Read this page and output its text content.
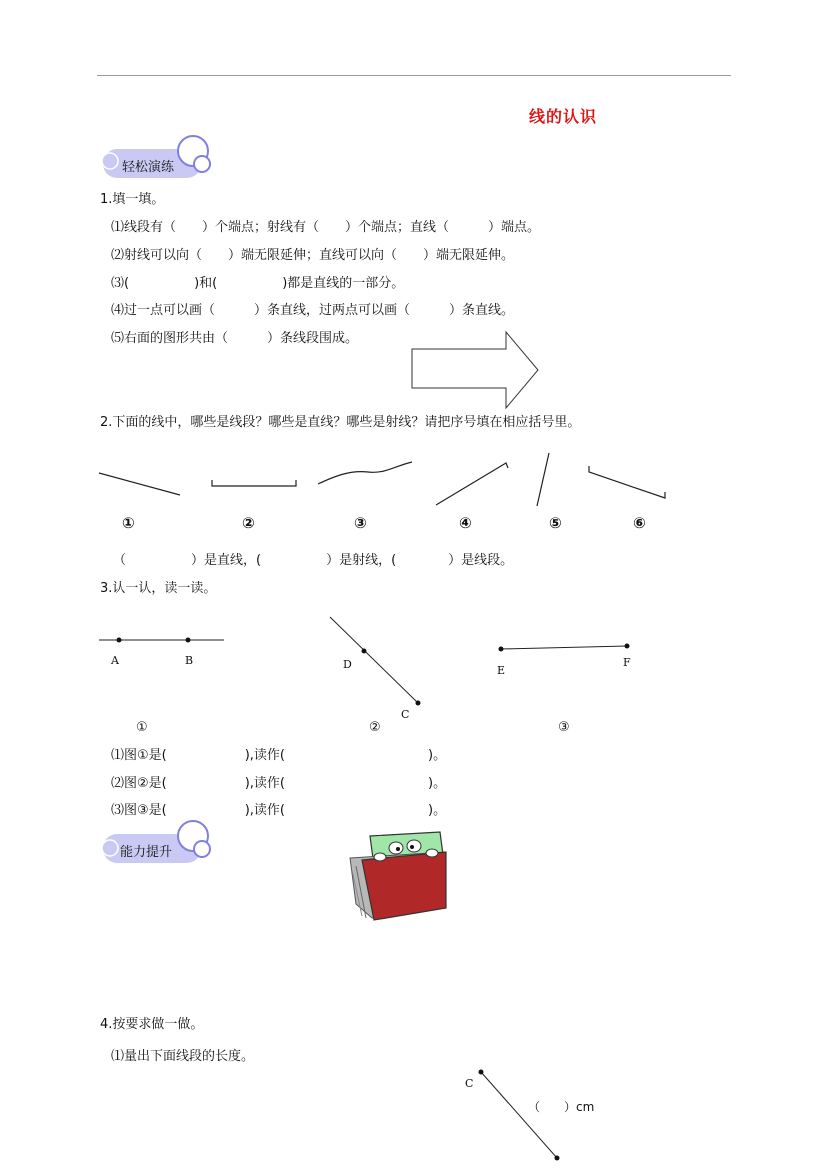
线的认识
轻松演练
能力提升
1.填一填。
⑴线段有（　　）个端点；射线有（　　）个端点；直线（　　　）端点。
⑵射线可以向（　　）端无限延伸；直线可以向（　　）端无限延伸。
⑶(　　　　　)和(　　　　　)都是直线的一部分。
⑷过一点可以画（　　　）条直线，过两点可以画（　　　）条直线。
⑸右面的图形共由（　　　）条线段围成。
2.下面的线中，哪些是线段？哪些是直线？哪些是射线？请把序号填在相应括号里。
①	②	③	④	⑤	⑥
（　　　　　）是直线，(　　　　　）是射线，(　　　　）是线段。
3.认一认，读一读。
A	B	D
C
E
F
①	②	③
⑴图①是(　　　　　　),读作(　　　　　　　　　　　)。
⑵图②是(　　　　　　),读作(　　　　　　　　　　　)。
⑶图③是(　　　　　　),读作(　　　　　　　　　　　)。
4.按要求做一做。
⑴量出下面线段的长度。
C
（　　）cm
